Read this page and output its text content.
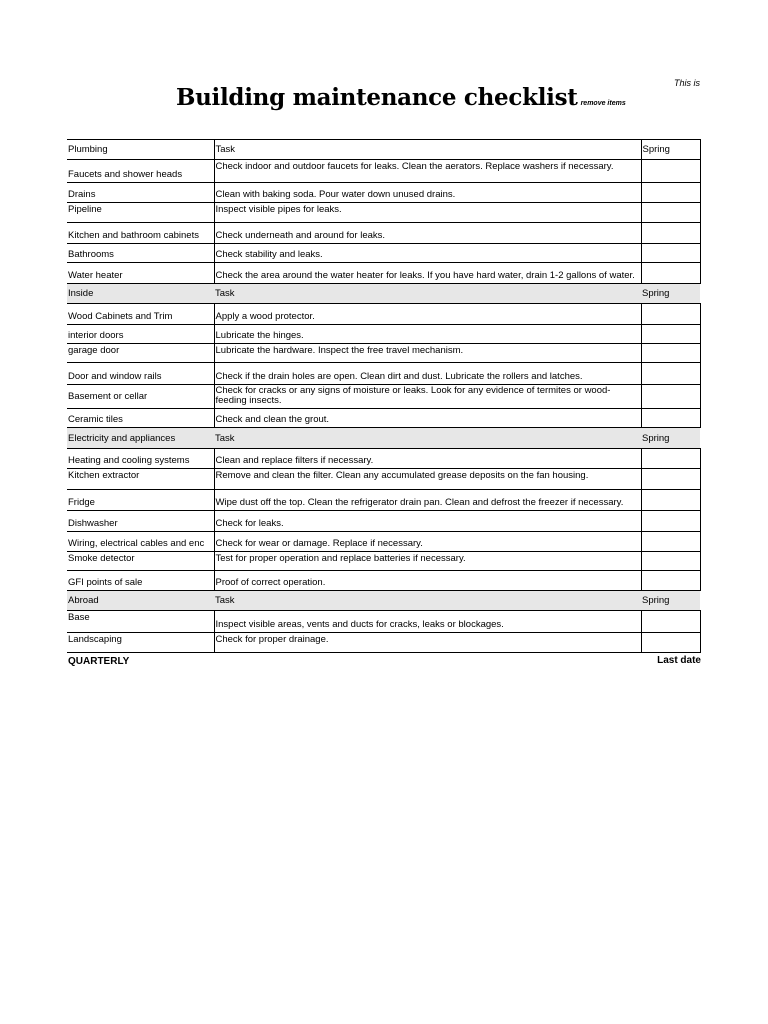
This is
Building maintenance checklist remove items
Plumbing	Task	Spring
Faucets and shower heads	Check indoor and outdoor faucets for leaks. Clean the aerators. Replace washers if necessary.	
Drains	Clean with baking soda. Pour water down unused drains.	
Pipeline	Inspect visible pipes for leaks.	
Kitchen and bathroom cabinets	Check underneath and around for leaks.	
Bathrooms	Check stability and leaks.	
Water heater	Check the area around the water heater for leaks. If you have hard water, drain 1-2 gallons of water.	
Inside	Task	Spring
Wood Cabinets and Trim	Apply a wood protector.	
interior doors	Lubricate the hinges.	
garage door	Lubricate the hardware. Inspect the free travel mechanism.	
Door and window rails	Check if the drain holes are open. Clean dirt and dust. Lubricate the rollers and latches.	
Basement or cellar	Check for cracks or any signs of moisture or leaks. Look for any evidence of termites or wood-feeding insects.	
Ceramic tiles	Check and clean the grout.	
Electricity and appliances	Task	Spring
Heating and cooling systems	Clean and replace filters if necessary.	
Kitchen extractor	Remove and clean the filter. Clean any accumulated grease deposits on the fan housing.	
Fridge	Wipe dust off the top. Clean the refrigerator drain pan. Clean and defrost the freezer if necessary.	
Dishwasher	Check for leaks.	
Wiring, electrical cables and enc	Check for wear or damage. Replace if necessary.	
Smoke detector	Test for proper operation and replace batteries if necessary.	
GFI points of sale	Proof of correct operation.	
Abroad	Task	Spring
Base	Inspect visible areas, vents and ducts for cracks, leaks or blockages.	
Landscaping	Check for proper drainage.	
QUARTERLY	Last date
